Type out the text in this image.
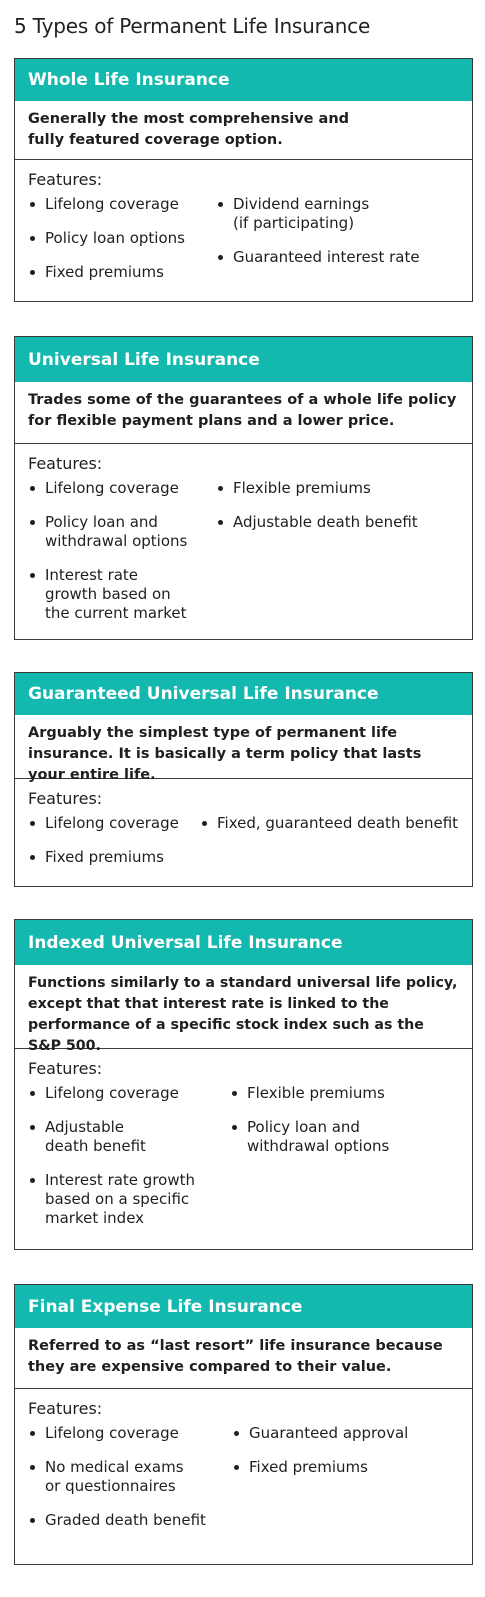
5 Types of Permanent Life Insurance
Whole Life Insurance
Generally the most comprehensive and
fully featured coverage option.
Features:
Lifelong coverage
Policy loan options
Fixed premiums
Dividend earnings
(if participating)
Guaranteed interest rate
Universal Life Insurance
Trades some of the guarantees of a whole life policy for flexible payment plans and a lower price.
Features:
Lifelong coverage
Policy loan and
withdrawal options
Interest rate
growth based on
the current market
Flexible premiums
Adjustable death benefit
Guaranteed Universal Life Insurance
Arguably the simplest type of permanent life insurance. It is basically a term policy that lasts your entire life.
Features:
Lifelong coverage
Fixed premiums
Fixed, guaranteed death benefit
Indexed Universal Life Insurance
Functions similarly to a standard universal life policy, except that that interest rate is linked to the performance of a specific stock index such as the S&P 500.
Features:
Lifelong coverage
Adjustable
death benefit
Interest rate growth
based on a specific
market index
Flexible premiums
Policy loan and
withdrawal options
Final Expense Life Insurance
Referred to as “last resort” life insurance because they are expensive compared to their value.
Features:
Lifelong coverage
No medical exams
or questionnaires
Graded death benefit
Guaranteed approval
Fixed premiums
